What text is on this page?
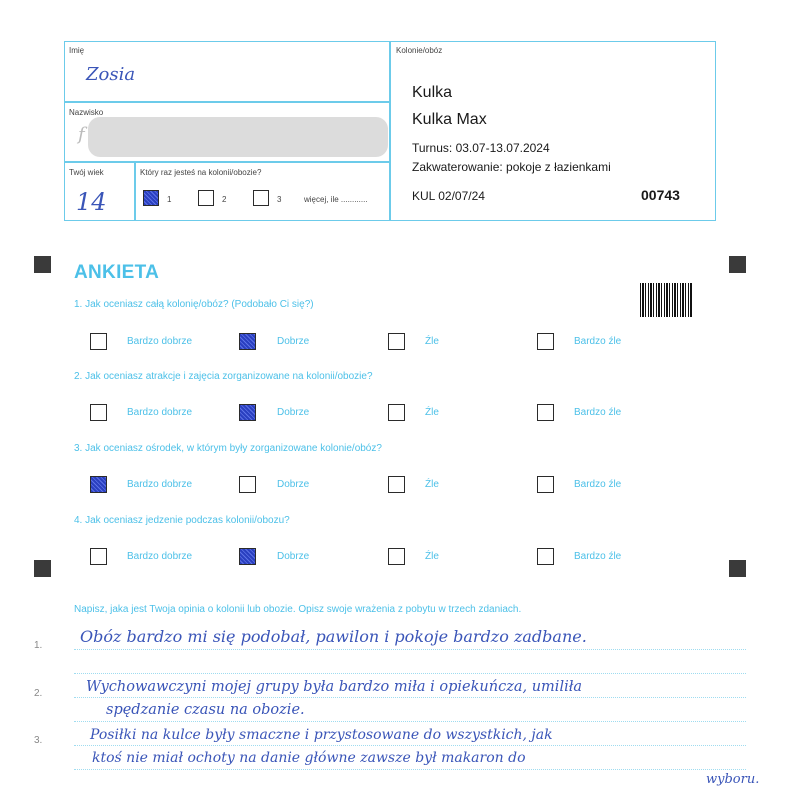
Imię
Zosia
Nazwisko
f
Twój wiek
14
Który raz jesteś na kolonii/obozie?
1	2	3	więcej, ile ............
Kolonie/obóz
Kulka
Kulka Max
Turnus: 03.07-13.07.2024
Zakwaterowanie: pokoje z łazienkami
KUL 02/07/24	00743
ANKIETA
1. Jak oceniasz całą kolonię/obóz? (Podobało Ci się?)
Bardzo dobrze	Dobrze	Źle	Bardzo źle
2. Jak oceniasz atrakcje i zajęcia zorganizowane na kolonii/obozie?
Bardzo dobrze	Dobrze	Źle	Bardzo źle
3. Jak oceniasz ośrodek, w którym były zorganizowane kolonie/obóz?
Bardzo dobrze	Dobrze	Źle	Bardzo źle
4. Jak oceniasz jedzenie podczas kolonii/obozu?
Bardzo dobrze	Dobrze	Źle	Bardzo źle
Napisz, jaka jest Twoja opinia o kolonii lub obozie. Opisz swoje wrażenia z pobytu w trzech zdaniach.
1.
2.
3.
Obóz bardzo mi się podobał, pawilon i pokoje bardzo zadbane.
Wychowawczyni mojej grupy była bardzo miła i opiekuńcza, umiliła
spędzanie czasu na obozie.
Posiłki na kulce były smaczne i przystosowane do wszystkich, jak
ktoś nie miał ochoty na danie główne zawsze był makaron do
wyboru.
